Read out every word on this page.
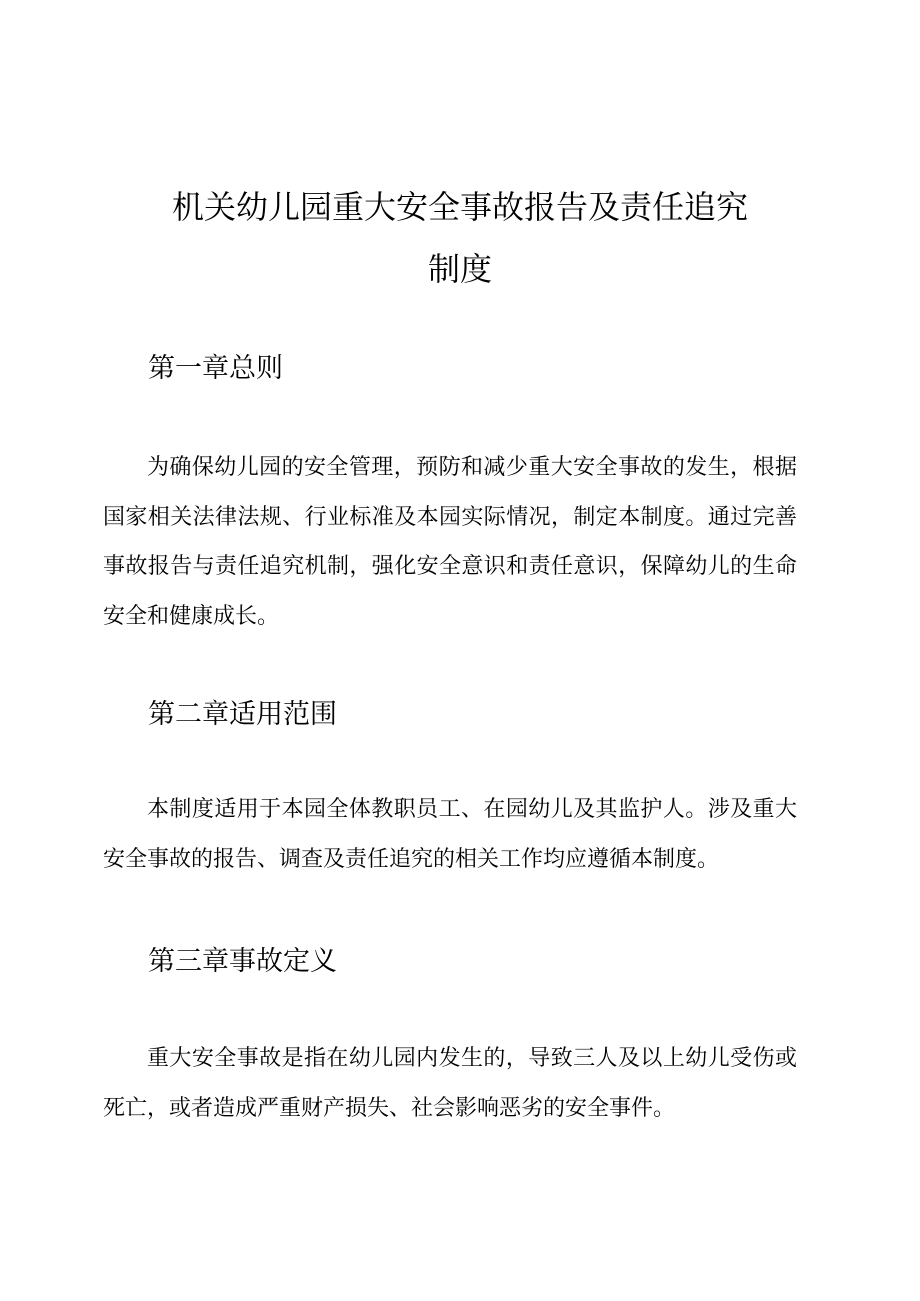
机关幼儿园重大安全事故报告及责任追究
制度
第一章总则

为确保幼儿园的安全管理，预防和减少重大安全事故的发生，根据国家相关法律法规、行业标准及本园实际情况，制定本制度。通过完善事故报告与责任追究机制，强化安全意识和责任意识，保障幼儿的生命安全和健康成长。

第二章适用范围

本制度适用于本园全体教职员工、在园幼儿及其监护人。涉及重大安全事故的报告、调查及责任追究的相关工作均应遵循本制度。

第三章事故定义

重大安全事故是指在幼儿园内发生的，导致三人及以上幼儿受伤或死亡，或者造成严重财产损失、社会影响恶劣的安全事件。
